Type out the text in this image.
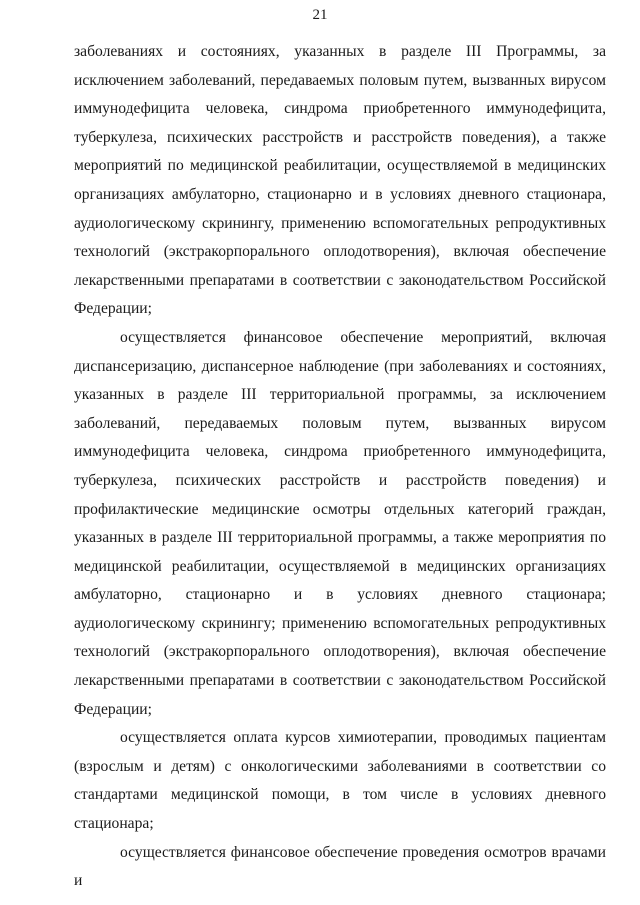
21

заболеваниях и состояниях, указанных в разделе III Программы, за исключением заболеваний, передаваемых половым путем, вызванных вирусом иммунодефицита человека, синдрома приобретенного иммунодефицита, туберкулеза, психических расстройств и расстройств поведения), а также мероприятий по медицинской реабилитации, осуществляемой в медицинских организациях амбулаторно, стационарно и в условиях дневного стационара, аудиологическому скринингу, применению вспомогательных репродуктивных технологий (экстракорпорального оплодотворения), включая обеспечение лекарственными препаратами в соответствии с законодательством Российской Федерации;

осуществляется финансовое обеспечение мероприятий, включая диспансеризацию, диспансерное наблюдение (при заболеваниях и состояниях, указанных в разделе III территориальной программы, за исключением заболеваний, передаваемых половым путем, вызванных вирусом иммунодефицита человека, синдрома приобретенного иммунодефицита, туберкулеза, психических расстройств и расстройств поведения) и профилактические медицинские осмотры отдельных категорий граждан, указанных в разделе III территориальной программы, а также мероприятия по медицинской реабилитации, осуществляемой в медицинских организациях амбулаторно, стационарно и в условиях дневного стационара; аудиологическому скринингу; применению вспомогательных репродуктивных технологий (экстракорпорального оплодотворения), включая обеспечение лекарственными препаратами в соответствии с законодательством Российской Федерации;

осуществляется оплата курсов химиотерапии, проводимых пациентам (взрослым и детям) с онкологическими заболеваниями в соответствии со стандартами медицинской помощи, в том числе в условиях дневного стационара;

осуществляется финансовое обеспечение проведения осмотров врачами и
